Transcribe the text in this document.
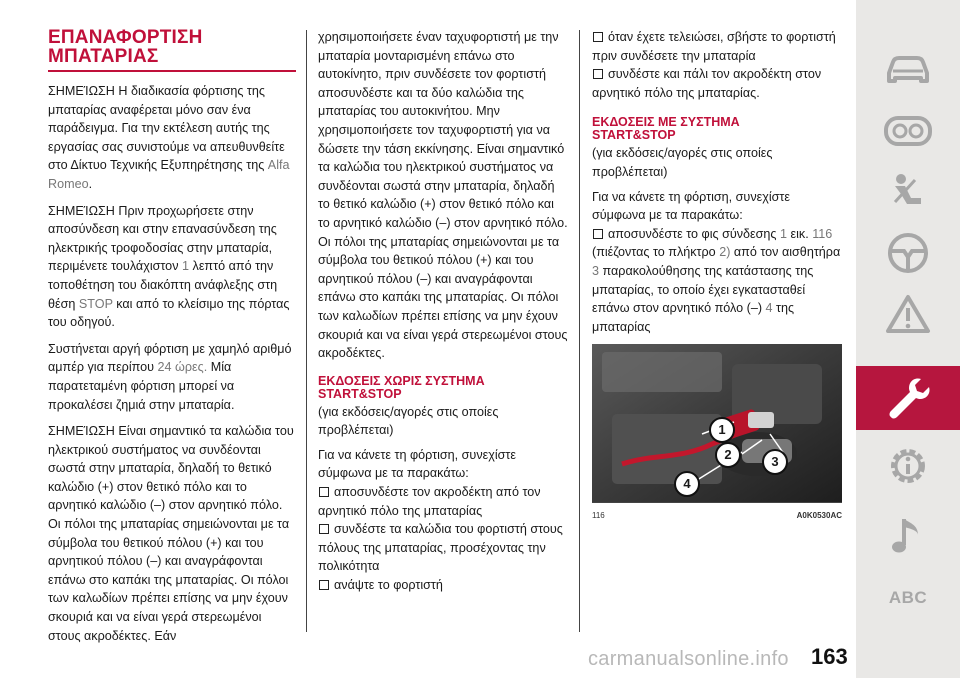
ΕΠΑΝΑΦΟΡΤΙΣΗ
ΜΠΑΤΑΡΙΑΣ

ΣΗΜΕΊΩΣΗ Η διαδικασία φόρτισης της μπαταρίας αναφέρεται μόνο σαν ένα παράδειγμα. Για την εκτέλεση αυτής της εργασίας σας συνιστούμε να απευθυνθείτε στο Δίκτυο Τεχνικής Εξυπηρέτησης της Alfa Romeo.

ΣΗΜΕΊΩΣΗ Πριν προχωρήσετε στην αποσύνδεση και στην επανασύνδεση της ηλεκτρικής τροφοδοσίας στην μπαταρία, περιμένετε τουλάχιστον 1 λεπτό από την τοποθέτηση του διακόπτη ανάφλεξης στη θέση STOP και από το κλείσιμο της πόρτας του οδηγού.

Συστήνεται αργή φόρτιση με χαμηλό αριθμό αμπέρ για περίπου 24 ώρες. Μία παρατεταμένη φόρτιση μπορεί να προκαλέσει ζημιά στην μπαταρία.

ΣΗΜΕΊΩΣΗ Είναι σημαντικό τα καλώδια του ηλεκτρικού συστήματος να συνδέονται σωστά στην μπαταρία, δηλαδή το θετικό καλώδιο (+) στον θετικό πόλο και το αρνητικό καλώδιο (–) στον αρνητικό πόλο. Οι πόλοι της μπαταρίας σημειώνονται με τα σύμβολα του θετικού πόλου (+) και του αρνητικού πόλου (–) και αναγράφονται επάνω στο καπάκι της μπαταρίας. Οι πόλοι των καλωδίων πρέπει επίσης να μην έχουν σκουριά και να είναι γερά στερεωμένοι στους ακροδέκτες. Εάν

χρησιμοποιήσετε έναν ταχυφορτιστή με την μπαταρία μονταρισμένη επάνω στο αυτοκίνητο, πριν συνδέσετε τον φορτιστή αποσυνδέστε και τα δύο καλώδια της μπαταρίας του αυτοκινήτου. Μην χρησιμοποιήσετε τον ταχυφορτιστή για να δώσετε την τάση εκκίνησης. Είναι σημαντικό τα καλώδια του ηλεκτρικού συστήματος να συνδέονται σωστά στην μπαταρία, δηλαδή το θετικό καλώδιο (+) στον θετικό πόλο και το αρνητικό καλώδιο (–) στον αρνητικό πόλο. Οι πόλοι της μπαταρίας σημειώνονται με τα σύμβολα του θετικού πόλου (+) και του αρνητικού πόλου (–) και αναγράφονται επάνω στο καπάκι της μπαταρίας. Οι πόλοι των καλωδίων πρέπει επίσης να μην έχουν σκουριά και να είναι γερά στερεωμένοι στους ακροδέκτες.

ΕΚΔΟΣΕΙΣ ΧΩΡΙΣ ΣΥΣΤΗΜΑ
START&STOP
(για εκδόσεις/αγορές στις οποίες προβλέπεται)
Για να κάνετε τη φόρτιση, συνεχίστε σύμφωνα με τα παρακάτω:
αποσυνδέστε τον ακροδέκτη από τον αρνητικό πόλο της μπαταρίας
συνδέστε τα καλώδια του φορτιστή στους πόλους της μπαταρίας, προσέχοντας την πολικότητα
ανάψτε το φορτιστή
όταν έχετε τελειώσει, σβήστε το φορτιστή πριν συνδέσετε την μπαταρία
συνδέστε και πάλι τον ακροδέκτη στον αρνητικό πόλο της μπαταρίας.
ΕΚΔΟΣΕΙΣ ΜΕ ΣΥΣΤΗΜΑ
START&STOP
(για εκδόσεις/αγορές στις οποίες προβλέπεται)
Για να κάνετε τη φόρτιση, συνεχίστε σύμφωνα με τα παρακάτω:
αποσυνδέστε το φις σύνδεσης 1 εικ. 116 (πιέζοντας το πλήκτρο 2) από τον αισθητήρα 3 παρακολούθησης της κατάστασης της μπαταρίας, το οποίο έχει εγκατασταθεί επάνω στον αρνητικό πόλο (–) 4 της μπαταρίας
1
2	3
4
116	A0K0530AC
ABC
carmanualsonline.info 163
